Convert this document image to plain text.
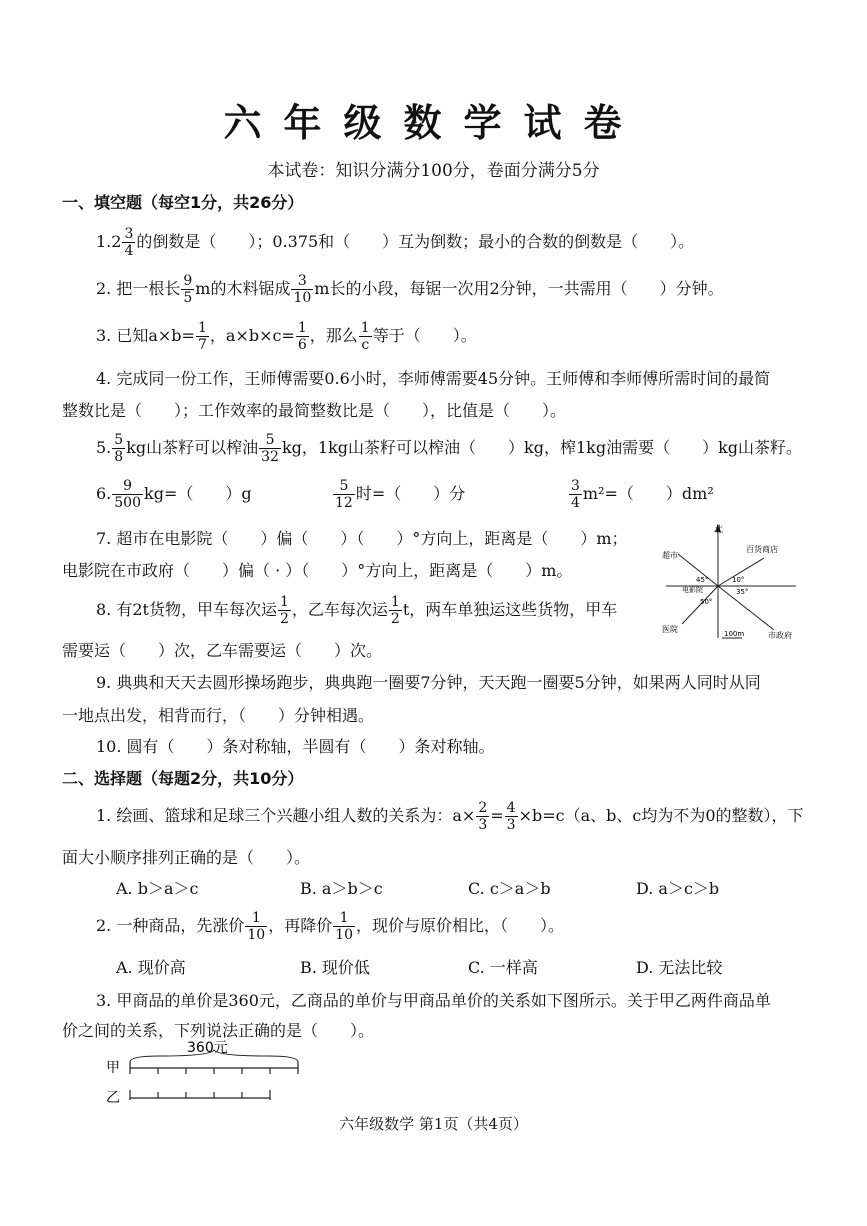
六年级数学试卷
本试卷：知识分满分100分，卷面分满分5分
一、填空题（每空1分，共26分）
$1.2 \frac{3}{4}$ 的倒数是（　　）；0.375和（　　）互为倒数；最小的合数的倒数是（　　）。
2. 把一根长 $\frac{9}{5}$ m的木料锯成 $\frac{3}{10}$ m长的小段，每锯一次用2分钟，一共需用（　　）分钟。
3. 已知$a\times b= \frac{1}{7}$ ，$a\times b\times c= \frac{1}{6}$ ，那么 $\frac{1}{c}$ 等于（　　）。
4. 完成同一份工作，王师傅需要0.6小时，李师傅需要45分钟。王师傅和李师傅所需时间的最简
整数比是（　　）；工作效率的最简整数比是（　　），比值是（　　）。
5. $\frac{5}{8}$ kg山茶籽可以榨油 $\frac{5}{32}$ kg，1kg山茶籽可以榨油（　　）kg，榨1kg油需要（　　）kg山茶籽。
6. $\frac{9}{500} kg=$（　　）g	$\frac{5}{12}$ 时=（　　）分	$\frac{3}{4} m^2=$（　　）dm²
7. 超市在电影院（　　）偏（　　）（　　）°方向上，距离是（　　）m；
电影院在市政府（　　）偏（ · ）（　　）°方向上，距离是（　　）m。
8. 有2t货物，甲车每次运 $\frac{1}{2}$ ，乙车每次运 $\frac{1}{2}$ t，两车单独运这些货物，甲车
需要运（　　）次，乙车需要运（　　）次。
9. 典典和天天去圆形操场跑步，典典跑一圈要7分钟，天天跑一圈要5分钟，如果两人同时从同
一地点出发，相背而行，（　　）分钟相遇。
10. 圆有（　　）条对称轴，半圆有（　　）条对称轴。
北
超市
百货商店
电影院
医院
市政府
45°	10°
50°
35°
100m
二、选择题（每题2分，共10分）
1. 绘画、篮球和足球三个兴趣小组人数的关系为：$a\times \frac{2}{3} = \frac{4}{3} \times b=c(a$、b、c均为不为0的整数），下
面大小顺序排列正确的是（　　）。
A. b＞a＞c	B. a＞b＞c	C. c＞a＞b	D. a＞c＞b
2. 一种商品，先涨价 $\frac{1}{10}$ ，再降价 $\frac{1}{10}$ ，现价与原价相比，（　　）。
A. 现价高	B. 现价低	C. 一样高	D. 无法比较
3. 甲商品的单价是360元，乙商品的单价与甲商品单价的关系如下图所示。关于甲乙两件商品单
价之间的关系，下列说法正确的是（　　）。
360元
甲
乙
六年级数学 第1页（共4页）
